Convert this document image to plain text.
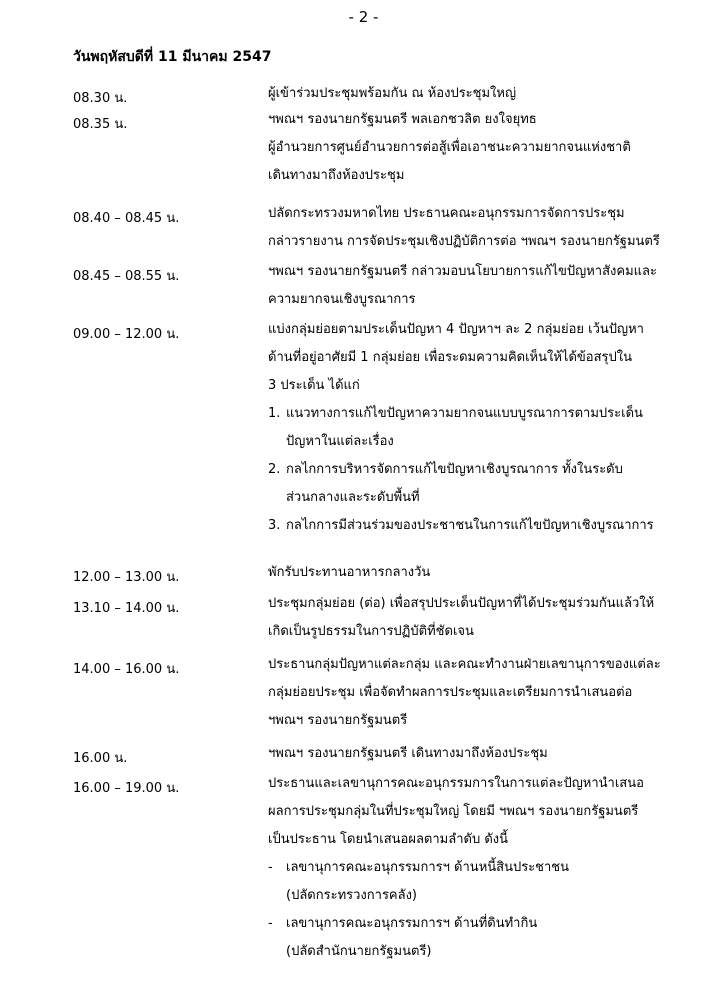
- 2 -
วันพฤหัสบดีที่ 11 มีนาคม 2547
08.30 น.	ผู้เข้าร่วมประชุมพร้อมกัน ณ ห้องประชุมใหญ่
08.35 น.	ฯพณฯ รองนายกรัฐมนตรี พลเอกชวลิต ยงใจยุทธ
ผู้อำนวยการศูนย์อำนวยการต่อสู้เพื่อเอาชนะความยากจนแห่งชาติ
เดินทางมาถึงห้องประชุม
08.40 – 08.45 น.	ปลัดกระทรวงมหาดไทย ประธานคณะอนุกรรมการจัดการประชุม
กล่าวรายงาน การจัดประชุมเชิงปฏิบัติการต่อ ฯพณฯ รองนายกรัฐมนตรี
08.45 – 08.55 น.	ฯพณฯ รองนายกรัฐมนตรี กล่าวมอบนโยบายการแก้ไขปัญหาสังคมและ
ความยากจนเชิงบูรณาการ
09.00 – 12.00 น.	แบ่งกลุ่มย่อยตามประเด็นปัญหา 4 ปัญหาฯ ละ 2 กลุ่มย่อย เว้นปัญหา
ด้านที่อยู่อาศัยมี 1 กลุ่มย่อย เพื่อระดมความคิดเห็นให้ได้ข้อสรุปใน
3 ประเด็น ได้แก่
1. แนวทางการแก้ไขปัญหาความยากจนแบบบูรณาการตามประเด็น
ปัญหาในแต่ละเรื่อง
2. กลไกการบริหารจัดการแก้ไขปัญหาเชิงบูรณาการ ทั้งในระดับ
ส่วนกลางและระดับพื้นที่
3. กลไกการมีส่วนร่วมของประชาชนในการแก้ไขปัญหาเชิงบูรณาการ
12.00 – 13.00 น.	พักรับประทานอาหารกลางวัน
13.10 – 14.00 น.	ประชุมกลุ่มย่อย (ต่อ) เพื่อสรุปประเด็นปัญหาที่ได้ประชุมร่วมกันแล้วให้
เกิดเป็นรูปธรรมในการปฏิบัติที่ชัดเจน
14.00 – 16.00 น.	ประธานกลุ่มปัญหาแต่ละกลุ่ม และคณะทำงานฝ่ายเลขานุการของแต่ละ
กลุ่มย่อยประชุม เพื่อจัดทำผลการประชุมและเตรียมการนำเสนอต่อ
ฯพณฯ รองนายกรัฐมนตรี
16.00 น.	ฯพณฯ รองนายกรัฐมนตรี เดินทางมาถึงห้องประชุม
16.00 – 19.00 น.	ประธานและเลขานุการคณะอนุกรรมการในการแต่ละปัญหานำเสนอ
ผลการประชุมกลุ่มในที่ประชุมใหญ่ โดยมี ฯพณฯ รองนายกรัฐมนตรี
เป็นประธาน โดยนำเสนอผลตามลำดับ ดังนี้
- เลขานุการคณะอนุกรรมการฯ ด้านหนี้สินประชาชน
(ปลัดกระทรวงการคลัง)
- เลขานุการคณะอนุกรรมการฯ ด้านที่ดินทำกิน
(ปลัดสำนักนายกรัฐมนตรี)
